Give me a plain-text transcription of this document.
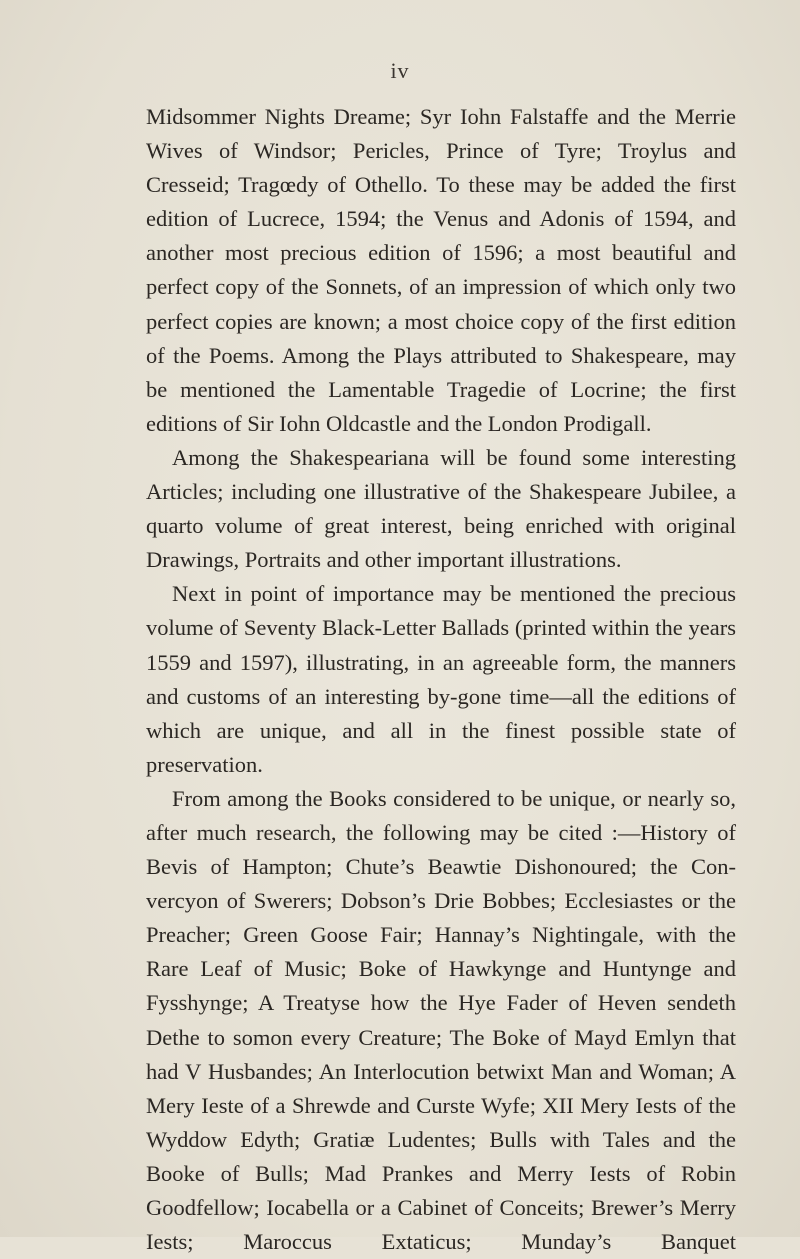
iv

Midsommer Nights Dreame; Syr Iohn Falstaffe and the Merrie Wives of Windsor; Pericles, Prince of Tyre; Troylus and Cresseid; Tragœdy of Othello. To these may be added the first edition of Lucrece, 1594; the Venus and Adonis of 1594, and another most precious edition of 1596; a most beautiful and perfect copy of the Sonnets, of an impression of which only two perfect copies are known; a most choice copy of the first edition of the Poems. Among the Plays attributed to Shakespeare, may be mentioned the Lamentable Tragedie of Locrine; the first editions of Sir Iohn Oldcastle and the London Prodigall.

Among the Shakespeariana will be found some interesting Articles; including one illustrative of the Shakespeare Jubilee, a quarto volume of great interest, being enriched with original Drawings, Portraits and other important illustrations.

Next in point of importance may be mentioned the precious volume of Seventy Black-Letter Ballads (printed within the years 1559 and 1597), illustrating, in an agreeable form, the manners and customs of an interesting by-gone time—all the editions of which are unique, and all in the finest possible state of preservation.

From among the Books considered to be unique, or nearly so, after much research, the following may be cited :—History of Bevis of Hampton; Chute’s Beawtie Dishonoured; the Con-vercyon of Swerers; Dobson’s Drie Bobbes; Ecclesiastes or the Preacher; Green Goose Fair; Hannay’s Nightingale, with the Rare Leaf of Music; Boke of Hawkynge and Huntynge and Fysshynge; A Treatyse how the Hye Fader of Heven sendeth Dethe to somon every Creature; The Boke of Mayd Emlyn that had V Husbandes; An Interlocution betwixt Man and Woman; A Mery Ieste of a Shrewde and Curste Wyfe; XII Mery Iests of the Wyddow Edyth; Gratiæ Ludentes; Bulls with Tales and the Booke of Bulls; Mad Prankes and Merry Iests of Robin Goodfellow; Iocabella or a Cabinet of Conceits; Brewer’s Merry Iests; Maroccus Extaticus; Munday’s Banquet
